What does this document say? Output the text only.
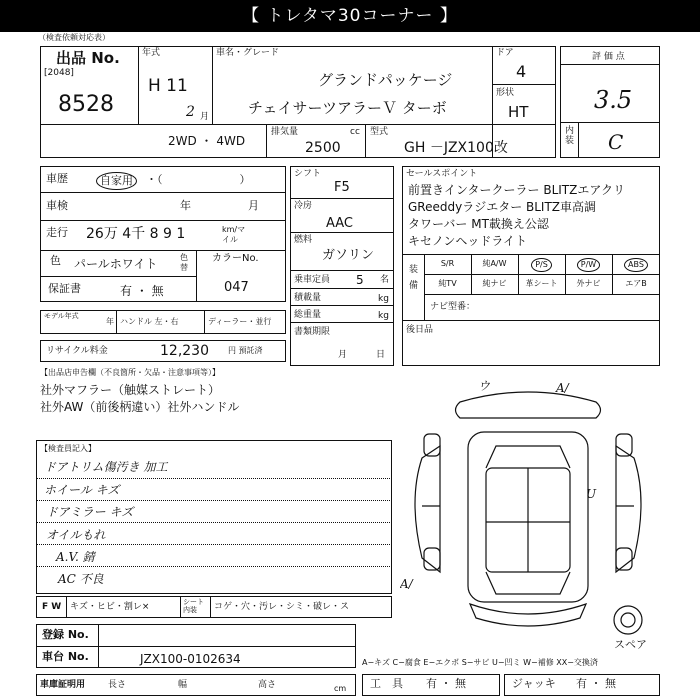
【 トレタマ30コーナー 】
（検査依頼対応表）
出品 No.
[2048]
8528
年式
H 11
2 月
車名・グレード
グランドパッケージ
チェイサーツアラーＶ ターボ
ドア
4
形状
HT
2WD ・ 4WD
排気量	cc
2500
型式
GH －JZX100改
評 価 点
3.5
内装 C
車歴	自家用	・（　　　　　　　）
車検	年	月
走行 26万 4千 8 9 1	km/マイル
色 パールホワイト	色替
カラーNo.
047
保証書	有 ・ 無
モデル年式
年 ハンドル 左・右	ディーラー・並行
リサイクル料金	12,230 円 預託済
シフト
F5
冷房
AAC
燃料
ガソリン
乗車定員 5 名
積載量	kg
総重量	kg
書類期限
月	日
セールスポイント
前置きインタークーラー BLITZエアクリ
GReeddyラジエター BLITZ車高調
タワーバー MT載換え公認
キセノンヘッドライト
装備
S/R	純A/W	P/S	P/W	ABS
純TV	純ナビ	革シート	外ナビ	エアB
ナビ型番：
後日品
【出品店申告欄（不良箇所・欠品・注意事項等）】
社外マフラー（触媒ストレート）
社外AW（前後柄違い）社外ハンドル
【検査員記入】
ドアトリム傷汚き 加工
ホイール キズ
ドアミラー キズ
オイルもれ
A.V. 錆
AC 不良
F W キズ・ヒビ・割レ×	シート内装	コゲ・穴・汚レ・シミ・破レ・ス
登録 No.
車台 No.	JZX100-0102634	A−キズ C−腐食 E−エクボ S−サビ U−凹ミ W−補修 XX−交換済
車庫証明用	長さ	幅	高さ	cm 工　具 有 ・ 無	ジャッキ 有 ・ 無
ウ	A/
U
A/
スペア
